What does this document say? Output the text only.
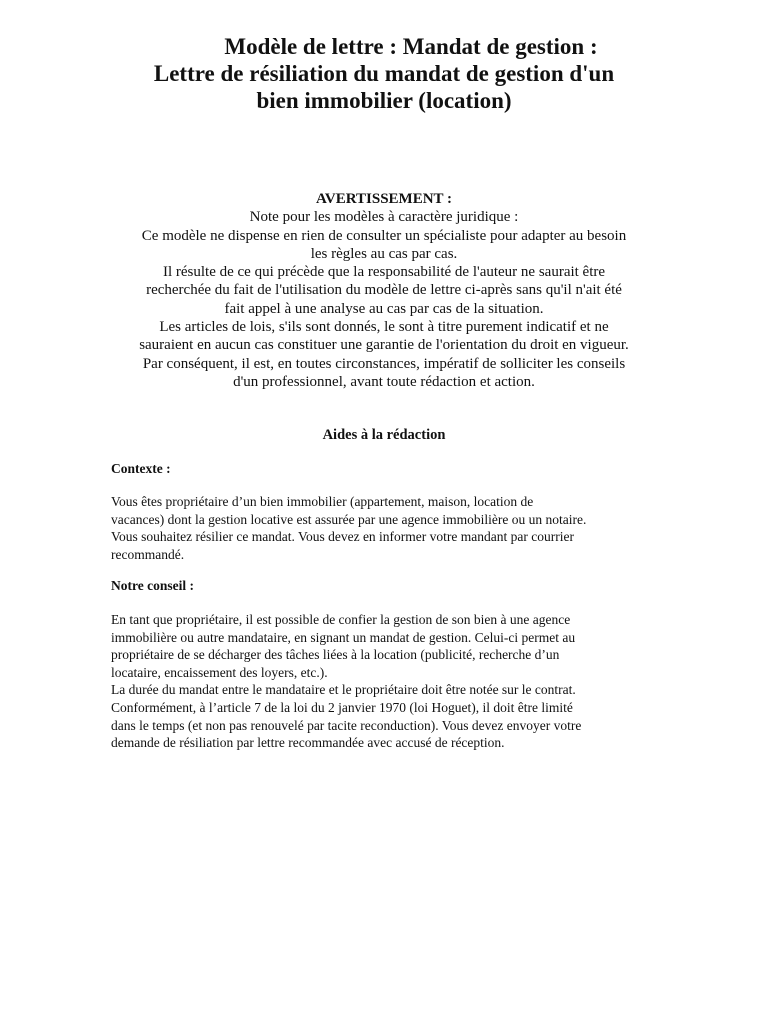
Modèle de lettre : Mandat de gestion :
Lettre de résiliation du mandat de gestion d'un
bien immobilier (location)
AVERTISSEMENT :
Note pour les modèles à caractère juridique :
Ce modèle ne dispense en rien de consulter un spécialiste pour adapter au besoin
les règles au cas par cas.
Il résulte de ce qui précède que la responsabilité de l'auteur ne saurait être
recherchée du fait de l'utilisation du modèle de lettre ci-après sans qu'il n'ait été
fait appel à une analyse au cas par cas de la situation.
Les articles de lois, s'ils sont donnés, le sont à titre purement indicatif et ne
sauraient en aucun cas constituer une garantie de l'orientation du droit en vigueur.
Par conséquent, il est, en toutes circonstances, impératif de solliciter les conseils
d'un professionnel, avant toute rédaction et action.
Aides à la rédaction
Contexte :
Vous êtes propriétaire d’un bien immobilier (appartement, maison, location de
vacances) dont la gestion locative est assurée par une agence immobilière ou un notaire.
Vous souhaitez résilier ce mandat. Vous devez en informer votre mandant par courrier
recommandé.
Notre conseil :
En tant que propriétaire, il est possible de confier la gestion de son bien à une agence
immobilière ou autre mandataire, en signant un mandat de gestion. Celui-ci permet au
propriétaire de se décharger des tâches liées à la location (publicité, recherche d’un
locataire, encaissement des loyers, etc.).
La durée du mandat entre le mandataire et le propriétaire doit être notée sur le contrat.
Conformément, à l’article 7 de la loi du 2 janvier 1970 (loi Hoguet), il doit être limité
dans le temps (et non pas renouvelé par tacite reconduction). Vous devez envoyer votre
demande de résiliation par lettre recommandée avec accusé de réception.
